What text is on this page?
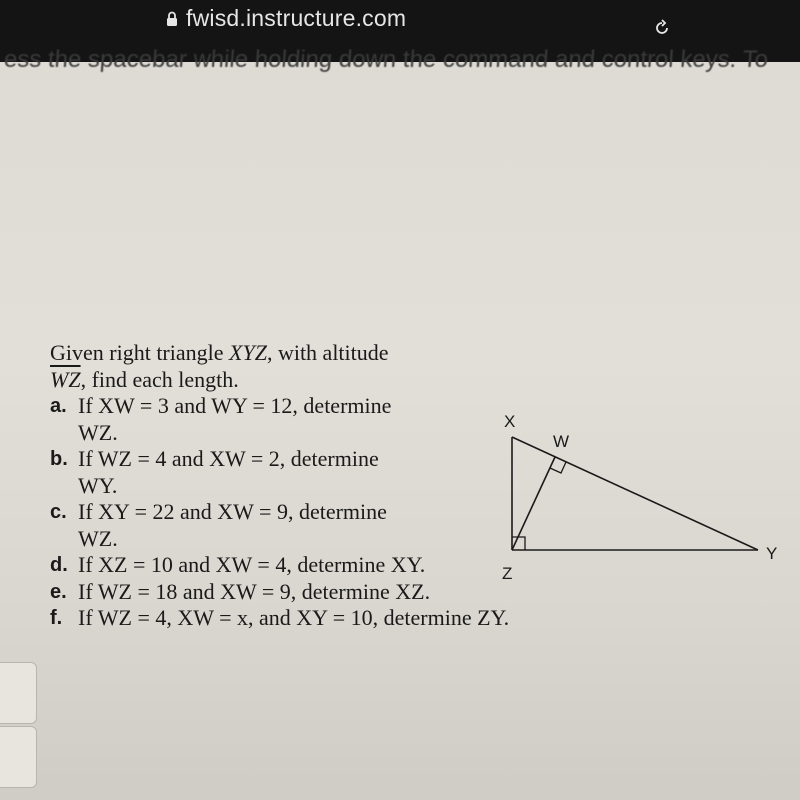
fwisd.instructure.com
ess the spacebar while holding down the command and control keys. To

Given right triangle XYZ, with altitude
$\overline{WZ}$, find each length.

a. If XW = 3 and WY = 12, determine
WZ.
b. If WZ = 4 and XW = 2, determine
WY.
c. If XY = 22 and XW = 9, determine
WZ.
d. If XZ = 10 and XW = 4, determine XY.
e. If WZ = 18 and XW = 9, determine XZ.
f. If WZ = 4, XW = x, and XY = 10, determine ZY.
X
W
Y
Z
